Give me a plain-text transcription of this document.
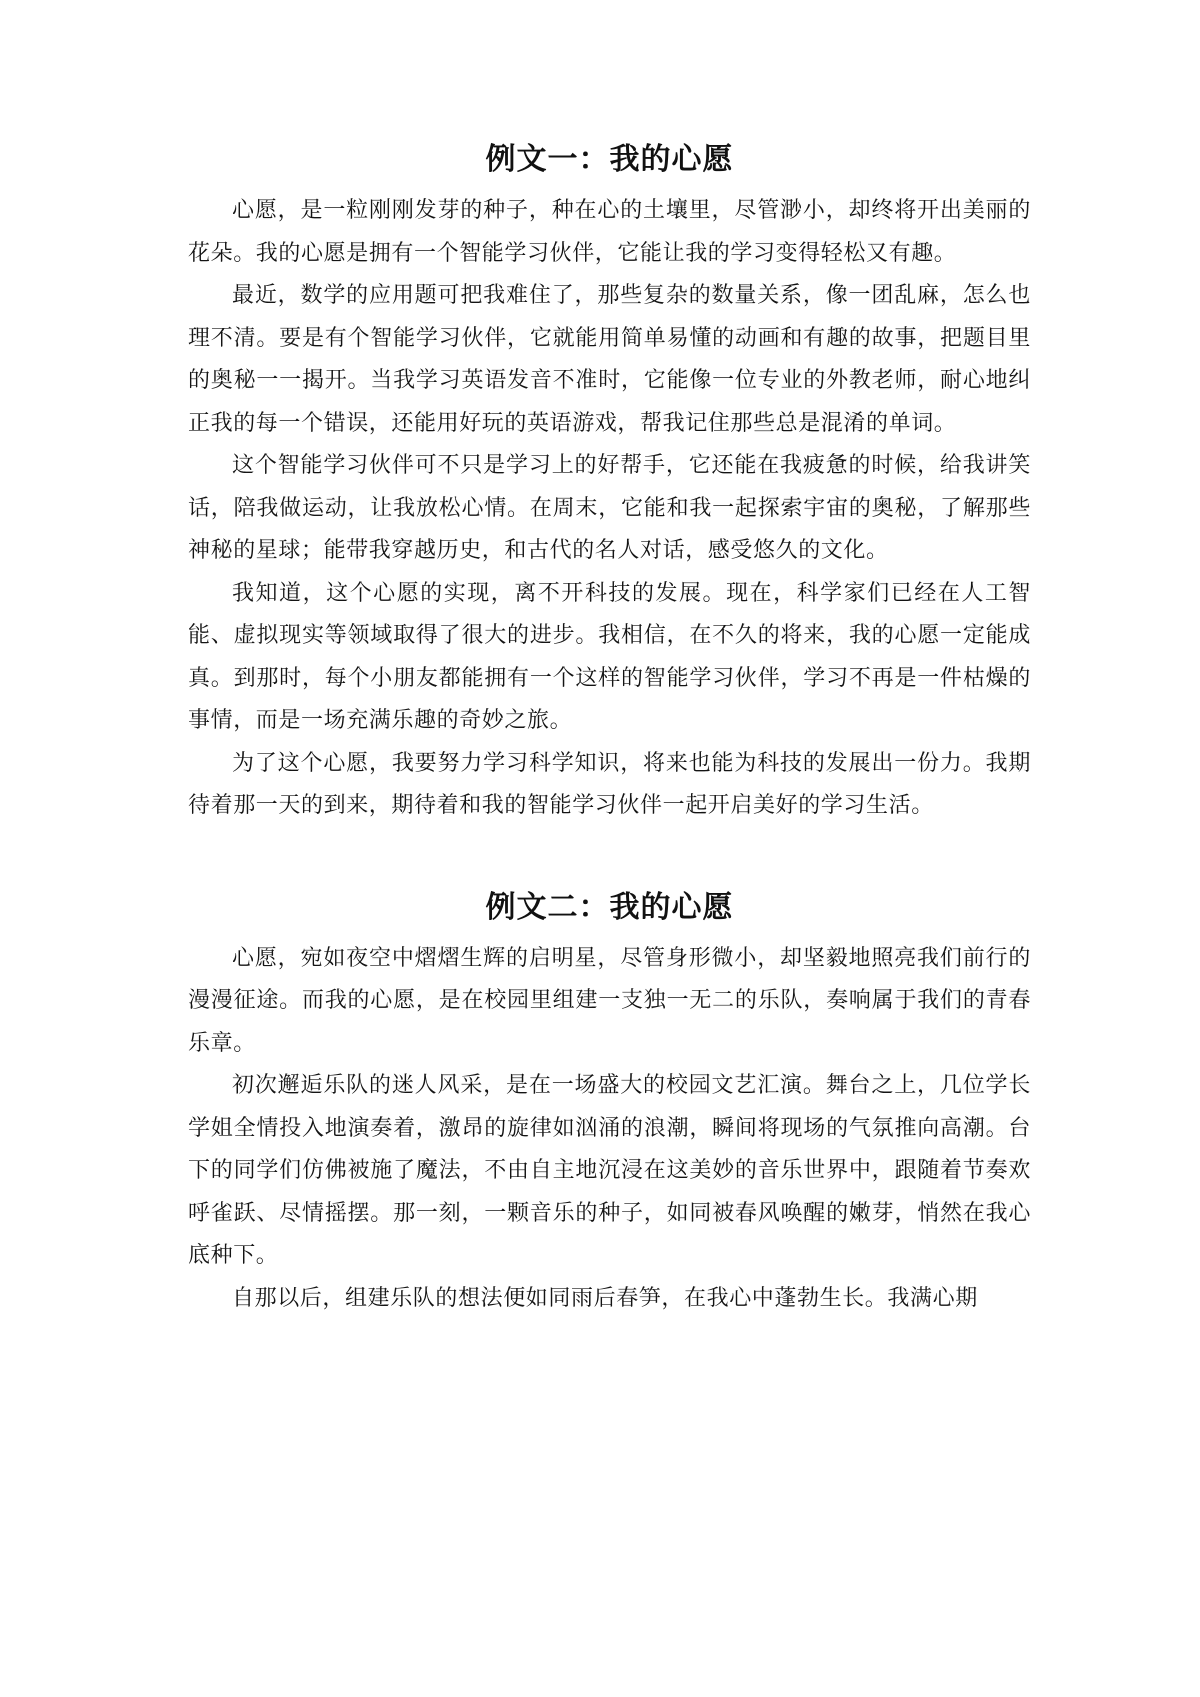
例文一：我的心愿

心愿，是一粒刚刚发芽的种子，种在心的土壤里，尽管渺小，却终将开出美丽的花朵。我的心愿是拥有一个智能学习伙伴，它能让我的学习变得轻松又有趣。

最近，数学的应用题可把我难住了，那些复杂的数量关系，像一团乱麻，怎么也理不清。要是有个智能学习伙伴，它就能用简单易懂的动画和有趣的故事，把题目里的奥秘一一揭开。当我学习英语发音不准时，它能像一位专业的外教老师，耐心地纠正我的每一个错误，还能用好玩的英语游戏，帮我记住那些总是混淆的单词。

这个智能学习伙伴可不只是学习上的好帮手，它还能在我疲惫的时候，给我讲笑话，陪我做运动，让我放松心情。在周末，它能和我一起探索宇宙的奥秘，了解那些神秘的星球；能带我穿越历史，和古代的名人对话，感受悠久的文化。

我知道，这个心愿的实现，离不开科技的发展。现在，科学家们已经在人工智能、虚拟现实等领域取得了很大的进步。我相信，在不久的将来，我的心愿一定能成真。到那时，每个小朋友都能拥有一个这样的智能学习伙伴，学习不再是一件枯燥的事情，而是一场充满乐趣的奇妙之旅。

为了这个心愿，我要努力学习科学知识，将来也能为科技的发展出一份力。我期待着那一天的到来，期待着和我的智能学习伙伴一起开启美好的学习生活。

例文二：我的心愿

心愿，宛如夜空中熠熠生辉的启明星，尽管身形微小，却坚毅地照亮我们前行的漫漫征途。而我的心愿，是在校园里组建一支独一无二的乐队，奏响属于我们的青春乐章。

初次邂逅乐队的迷人风采，是在一场盛大的校园文艺汇演。舞台之上，几位学长学姐全情投入地演奏着，激昂的旋律如汹涌的浪潮，瞬间将现场的气氛推向高潮。台下的同学们仿佛被施了魔法，不由自主地沉浸在这美妙的音乐世界中，跟随着节奏欢呼雀跃、尽情摇摆。那一刻，一颗音乐的种子，如同被春风唤醒的嫩芽，悄然在我心底种下。

自那以后，组建乐队的想法便如同雨后春笋，在我心中蓬勃生长。我满心期
